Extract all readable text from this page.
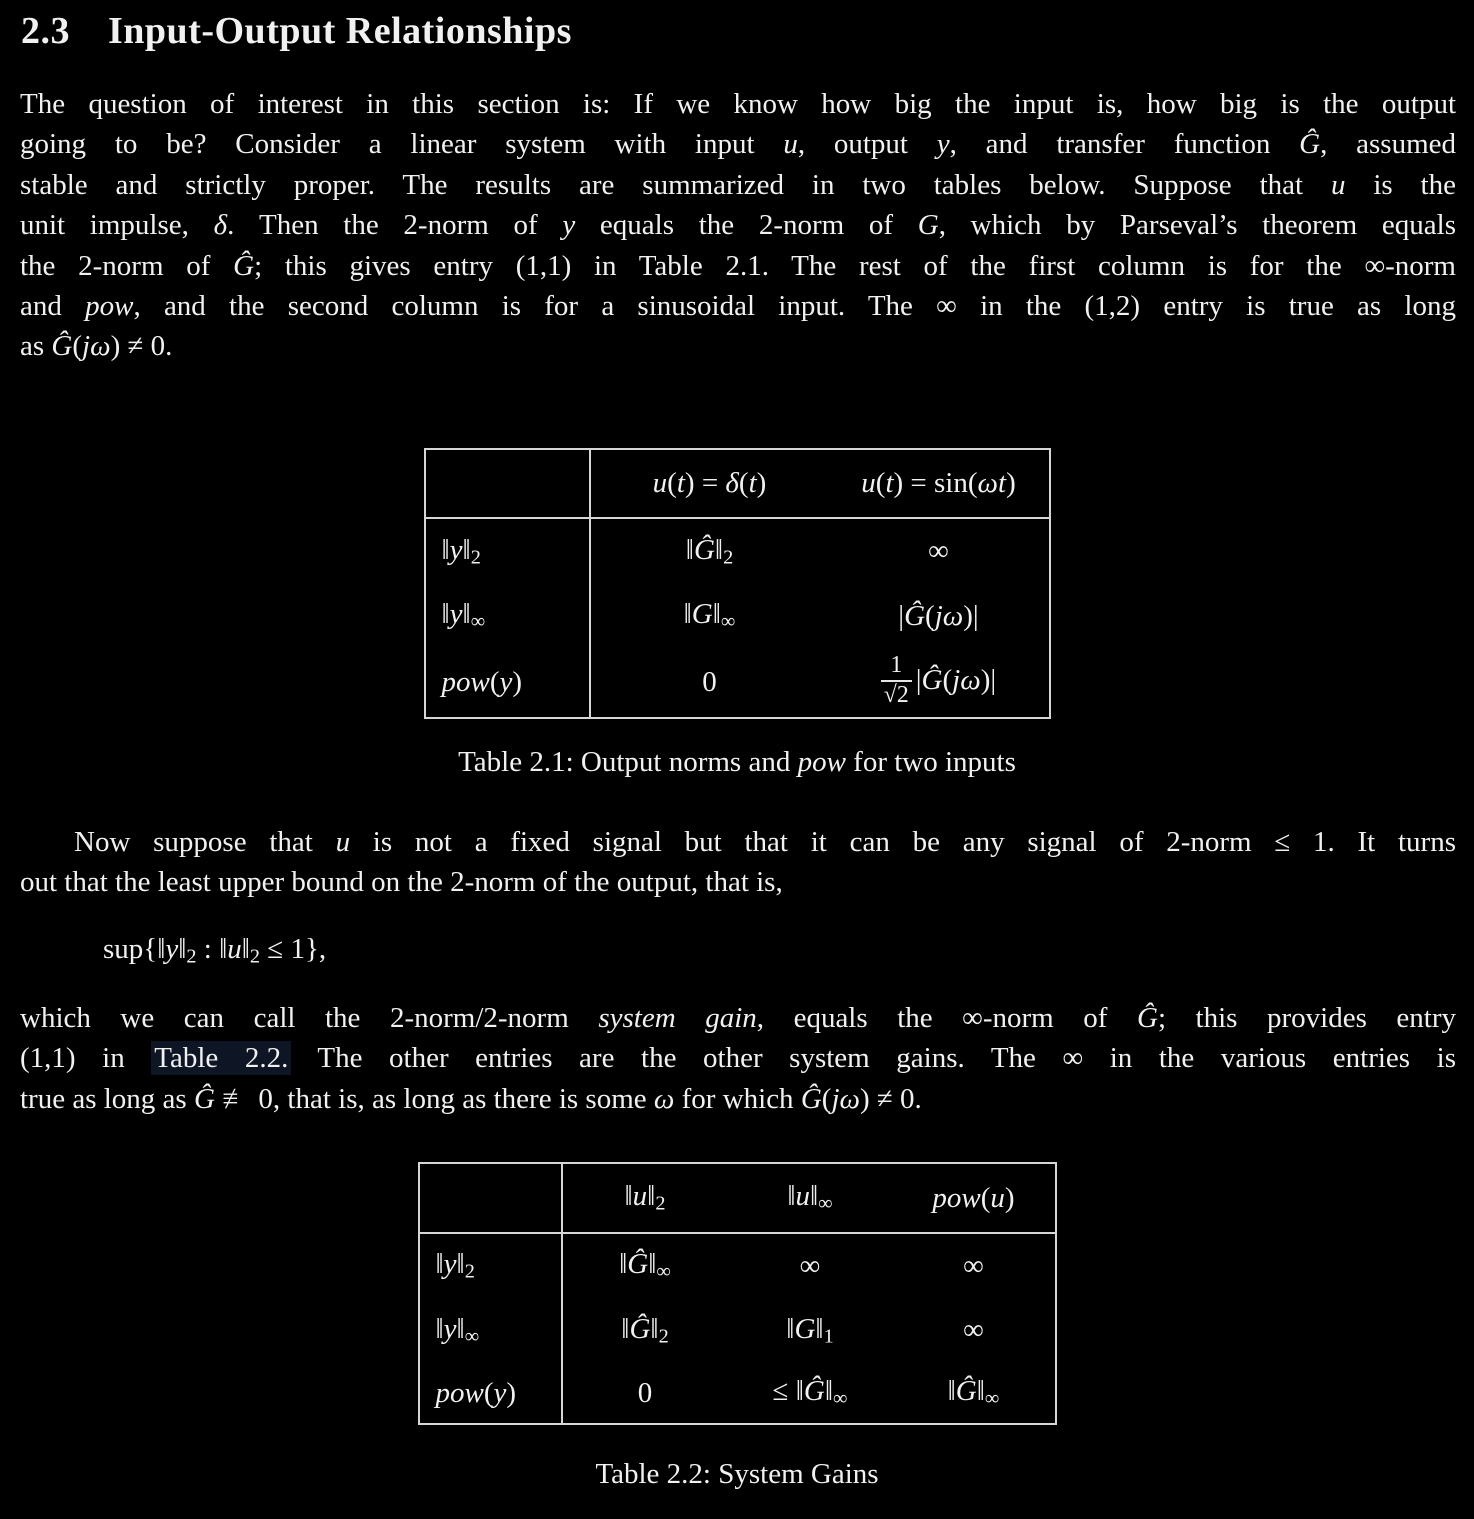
2.3 Input-Output Relationships
The question of interest in this section is: If we know how big the input is, how big is the output
going to be? Consider a linear system with input u, output y, and transfer function Ĝ, assumed
stable and strictly proper. The results are summarized in two tables below. Suppose that u is the
unit impulse, δ. Then the 2-norm of y equals the 2-norm of G, which by Parseval’s theorem equals
the 2-norm of Ĝ; this gives entry (1,1) in Table 2.1. The rest of the first column is for the ∞-norm
and pow, and the second column is for a sinusoidal input. The ∞ in the (1,2) entry is true as long
as Ĝ(jω) ≠ 0.
	u(t) = δ(t)	u(t) = sin(ωt)
‖y‖2	‖Ĝ‖2	∞
‖y‖∞	‖G‖∞	|Ĝ(jω)|
pow(y)	0	$\frac{1}{√2}$ |Ĝ(jω)|
Table 2.1: Output norms and pow for two inputs
Now suppose that u is not a fixed signal but that it can be any signal of 2-norm ≤ 1. It turns
out that the least upper bound on the 2-norm of the output, that is,
sup{‖y‖2 : ‖u‖2 ≤ 1},
which we can call the 2-norm/2-norm system gain, equals the ∞-norm of Ĝ; this provides entry
(1,1) in Table 2.2. The other entries are the other system gains. The ∞ in the various entries is
true as long as Ĝ ≢ 0, that is, as long as there is some ω for which Ĝ(jω) ≠ 0.
	‖u‖2	‖u‖∞	pow(u)
‖y‖2	‖Ĝ‖∞	∞	∞
‖y‖∞	‖Ĝ‖2	‖G‖1	∞
pow(y)	0	≤ ‖Ĝ‖∞	‖Ĝ‖∞
Table 2.2: System Gains
